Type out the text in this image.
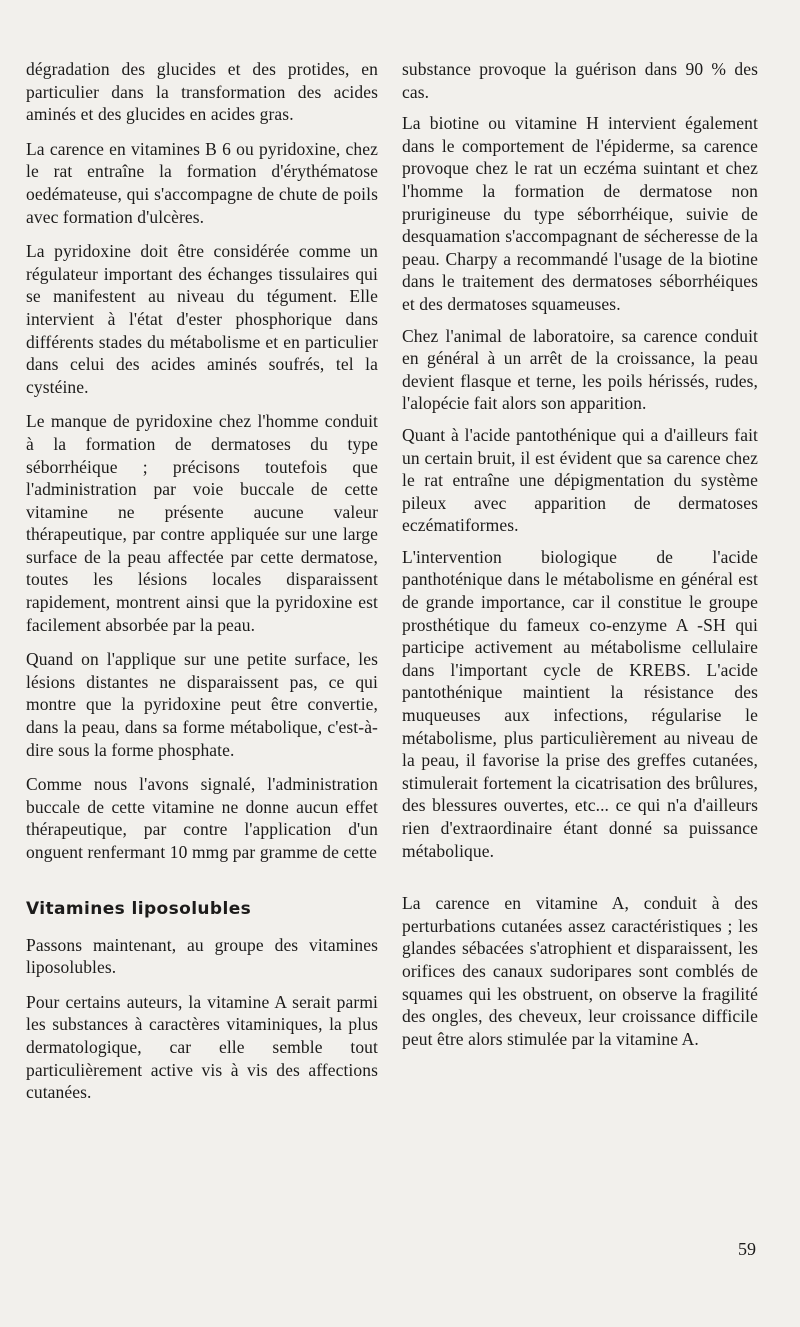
dégradation des glucides et des protides, en particulier dans la transformation des acides aminés et des glucides en acides gras.

La carence en vitamines B 6 ou pyridoxine, chez le rat entraîne la formation d'érythématose oedémateuse, qui s'accompagne de chute de poils avec formation d'ulcères.

La pyridoxine doit être considérée comme un régulateur important des échanges tissulaires qui se manifestent au niveau du tégument. Elle intervient à l'état d'ester phosphorique dans différents stades du métabolisme et en particulier dans celui des acides aminés soufrés, tel la cystéine.

Le manque de pyridoxine chez l'homme conduit à la formation de dermatoses du type séborrhéique ; précisons toutefois que l'administration par voie buccale de cette vitamine ne présente aucune valeur thérapeutique, par contre appliquée sur une large surface de la peau affectée par cette dermatose, toutes les lésions locales disparaissent rapidement, montrent ainsi que la pyridoxine est facilement absorbée par la peau.

Quand on l'applique sur une petite surface, les lésions distantes ne disparaissent pas, ce qui montre que la pyridoxine peut être convertie, dans la peau, dans sa forme métabolique, c'est-à-dire sous la forme phosphate.

Comme nous l'avons signalé, l'administration buccale de cette vitamine ne donne aucun effet thérapeutique, par contre l'application d'un onguent renfermant 10 mmg par gramme de cette

Vitamines liposolubles

Passons maintenant, au groupe des vitamines liposolubles.

Pour certains auteurs, la vitamine A serait parmi les substances à caractères vitaminiques, la plus dermatologique, car elle semble tout particulièrement active vis à vis des affections cutanées.

substance provoque la guérison dans 90 % des cas.

La biotine ou vitamine H intervient également dans le comportement de l'épiderme, sa carence provoque chez le rat un eczéma suintant et chez l'homme la formation de dermatose non prurigineuse du type séborrhéique, suivie de desquamation s'accompagnant de sécheresse de la peau. Charpy a recommandé l'usage de la biotine dans le traitement des dermatoses séborrhéiques et des dermatoses squameuses.

Chez l'animal de laboratoire, sa carence conduit en général à un arrêt de la croissance, la peau devient flasque et terne, les poils hérissés, rudes, l'alopécie fait alors son apparition.

Quant à l'acide pantothénique qui a d'ailleurs fait un certain bruit, il est évident que sa carence chez le rat entraîne une dépigmentation du système pileux avec apparition de dermatoses eczématiformes.

L'intervention biologique de l'acide panthoténique dans le métabolisme en général est de grande importance, car il constitue le groupe prosthétique du fameux co-enzyme A -SH qui participe activement au métabolisme cellulaire dans l'important cycle de KREBS. L'acide pantothénique maintient la résistance des muqueuses aux infections, régularise le métabolisme, plus particulièrement au niveau de la peau, il favorise la prise des greffes cutanées, stimulerait fortement la cicatrisation des brûlures, des blessures ouvertes, etc... ce qui n'a d'ailleurs rien d'extraordinaire étant donné sa puissance métabolique.

La carence en vitamine A, conduit à des perturbations cutanées assez caractéristiques ; les glandes sébacées s'atrophient et disparaissent, les orifices des canaux sudoripares sont comblés de squames qui les obstruent, on observe la fragilité des ongles, des cheveux, leur croissance difficile peut être alors stimulée par la vitamine A.

59
